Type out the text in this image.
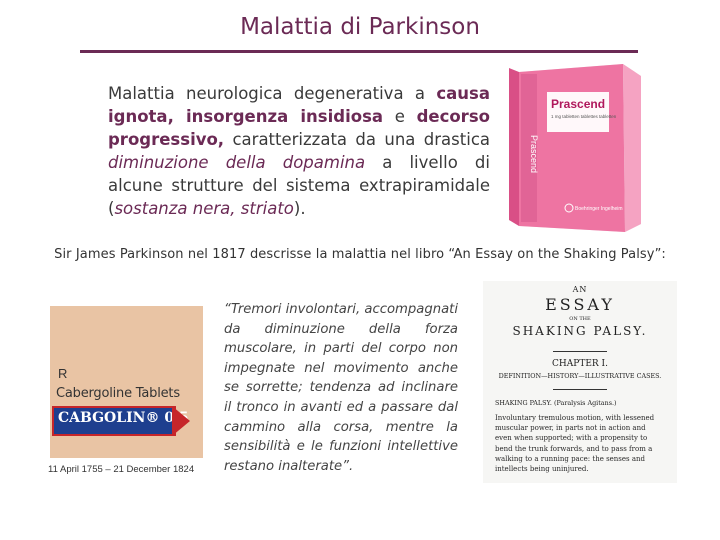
Malattia di Parkinson
Malattia neurologica degenerativa a causa ignota, insorgenza insidiosa e decorso progressivo, caratterizzata da una drastica diminuzione della dopamina a livello di alcune strutture del sistema extrapiramidale (sostanza nera, striato).
Prascend
Prascend
1 mg tabletten tablettes tabletten
Boehringer Ingelheim
Sir James Parkinson nel 1817 descrisse la malattia nel libro “An Essay on the Shaking Palsy”:
R
Cabergoline Tablets
CABGOLIN® 0.5
11 April 1755 – 21 December 1824
“Tremori involontari, accompagnati da diminuzione della forza muscolare, in parti del corpo non impegnate nel movimento anche se sorrette; tendenza ad inclinare il tronco in avanti ed a passare dal cammino alla corsa, mentre la sensibilità e le funzioni intellettive restano inalterate”.
AN
ESSAY
ON THE
SHAKING PALSY.
CHAPTER I.
DEFINITION—HISTORY—ILLUSTRATIVE CASES.
SHAKING PALSY. (Paralysis Agitans.)
Involuntary tremulous motion, with lessened muscular power, in parts not in action and even when supported; with a propensity to bend the trunk forwards, and to pass from a walking to a running pace: the senses and intellects being uninjured.
